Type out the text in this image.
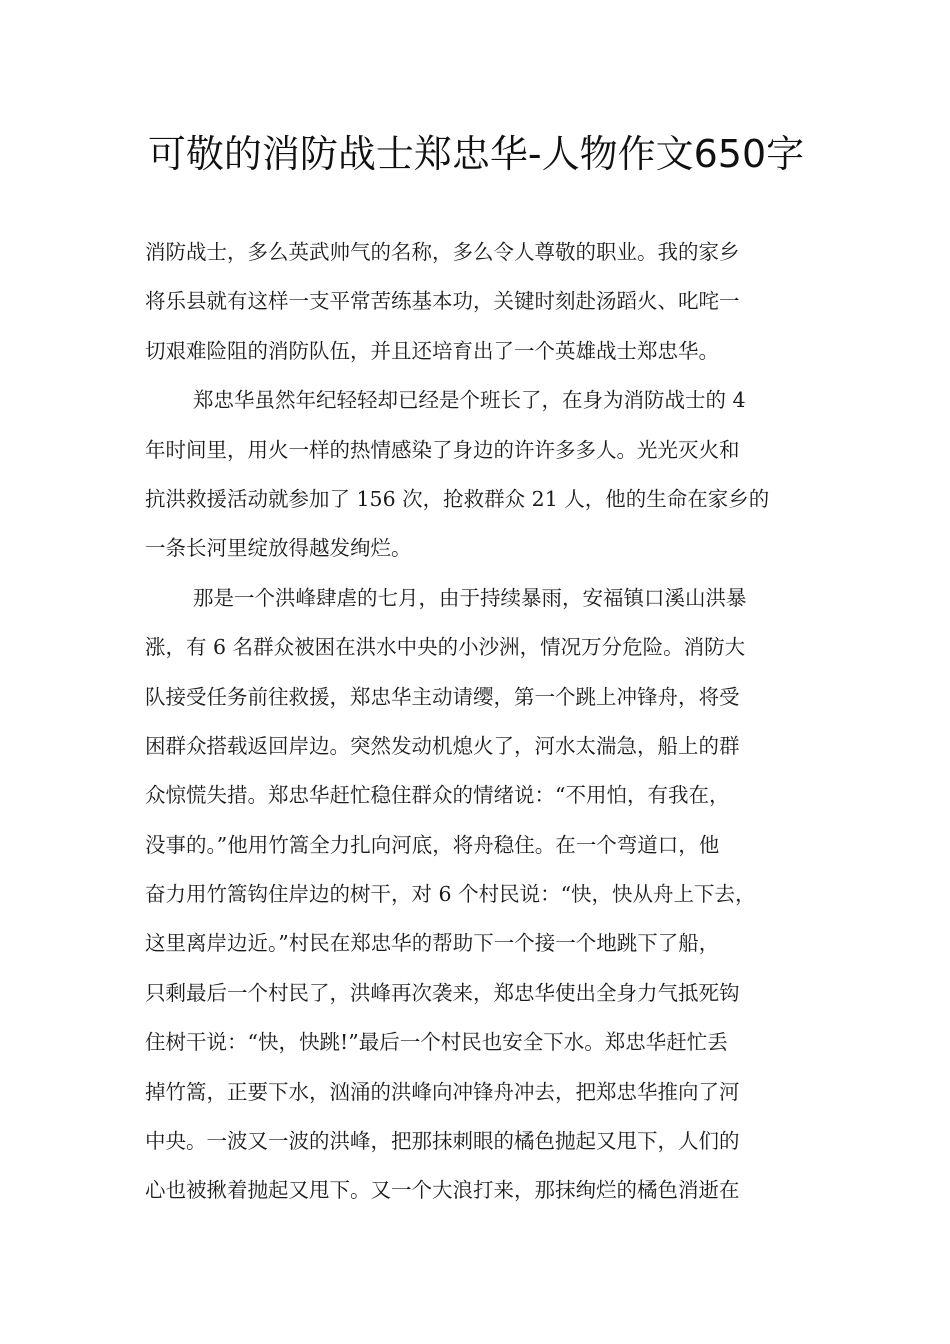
可敬的消防战士郑忠华-人物作文650字
消防战士，多么英武帅气的名称，多么令人尊敬的职业。我的家乡
将乐县就有这样一支平常苦练基本功，关键时刻赴汤蹈火、叱咤一
切艰难险阻的消防队伍，并且还培育出了一个英雄战士郑忠华。
郑忠华虽然年纪轻轻却已经是个班长了，在身为消防战士的 4
年时间里，用火一样的热情感染了身边的许许多多人。光光灭火和
抗洪救援活动就参加了 156 次，抢救群众 21 人，他的生命在家乡的
一条长河里绽放得越发绚烂。
那是一个洪峰肆虐的七月，由于持续暴雨，安福镇口溪山洪暴
涨，有 6 名群众被困在洪水中央的小沙洲，情况万分危险。消防大
队接受任务前往救援，郑忠华主动请缨，第一个跳上冲锋舟，将受
困群众搭载返回岸边。突然发动机熄火了，河水太湍急，船上的群
众惊慌失措。郑忠华赶忙稳住群众的情绪说：“不用怕，有我在，
没事的。”他用竹篙全力扎向河底，将舟稳住。在一个弯道口，他
奋力用竹篙钩住岸边的树干，对 6 个村民说：“快，快从舟上下去，
这里离岸边近。”村民在郑忠华的帮助下一个接一个地跳下了船，
只剩最后一个村民了，洪峰再次袭来，郑忠华使出全身力气抵死钩
住树干说：“快，快跳!”最后一个村民也安全下水。郑忠华赶忙丢
掉竹篙，正要下水，汹涌的洪峰向冲锋舟冲去，把郑忠华推向了河
中央。一波又一波的洪峰，把那抹刺眼的橘色抛起又甩下，人们的
心也被揪着抛起又甩下。又一个大浪打来，那抹绚烂的橘色消逝在
